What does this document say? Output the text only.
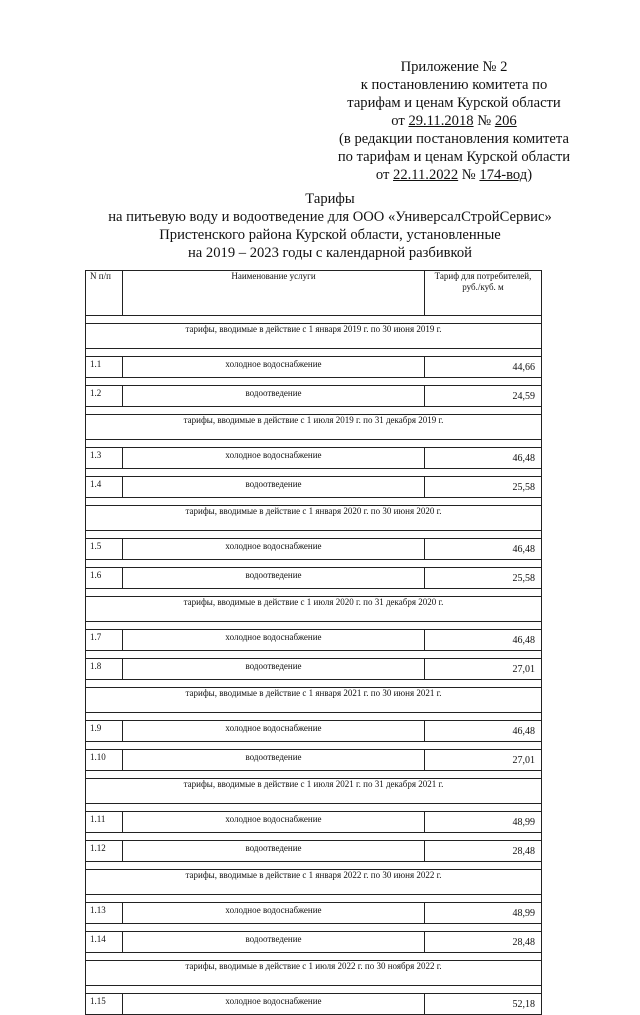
Приложение № 2
к постановлению комитета по
тарифам и ценам Курской области
от 29.11.2018 № 206
(в редакции постановления комитета
по тарифам и ценам Курской области
от 22.11.2022 № 174-вод)
Тарифы
на питьевую воду и водоотведение для ООО «УниверсалСтройСервис»
Пристенского района Курской области, установленные
на 2019 – 2023 годы с календарной разбивкой
N п/п	Наименование услуги	Тариф для потребителей, руб./куб. м

тарифы, вводимые в действие с 1 января 2019 г. по 30 июня 2019 г.		

1.1	холодное водоснабжение	44,66

1.2	водоотведение	24,59

тарифы, вводимые в действие с 1 июля 2019 г. по 31 декабря 2019 г.		

1.3	холодное водоснабжение	46,48

1.4	водоотведение	25,58

тарифы, вводимые в действие с 1 января 2020 г. по 30 июня 2020 г.		

1.5	холодное водоснабжение	46,48

1.6	водоотведение	25,58

тарифы, вводимые в действие с 1 июля 2020 г. по 31 декабря 2020 г.		

1.7	холодное водоснабжение	46,48

1.8	водоотведение	27,01

тарифы, вводимые в действие с 1 января 2021 г. по 30 июня 2021 г.		

1.9	холодное водоснабжение	46,48

1.10	водоотведение	27,01

тарифы, вводимые в действие с 1 июля 2021 г. по 31 декабря 2021 г.		

1.11	холодное водоснабжение	48,99

1.12	водоотведение	28,48

тарифы, вводимые в действие с 1 января 2022 г. по 30 июня 2022 г.		

1.13	холодное водоснабжение	48,99

1.14	водоотведение	28,48

тарифы, вводимые в действие с 1 июля 2022 г. по 30 ноября 2022 г.		

1.15	холодное водоснабжение	52,18
